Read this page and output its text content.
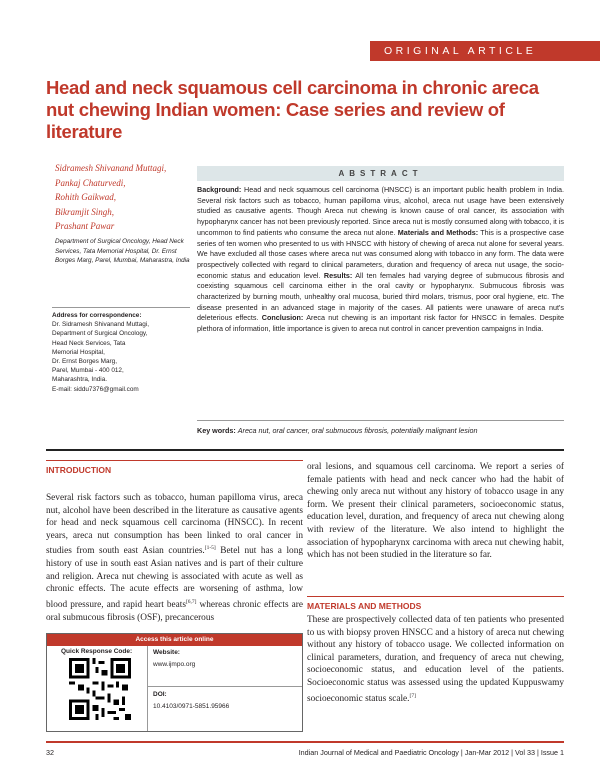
ORIGINAL ARTICLE
Head and neck squamous cell carcinoma in chronic areca nut chewing Indian women: Case series and review of literature
Sidramesh Shivanand Muttagi,
Pankaj Chaturvedi,
Rohith Gaikwad,
Bikramjit Singh,
Prashant Pawar
Department of Surgical Oncology, Head Neck Services, Tata Memorial Hospital, Dr. Ernst Borges Marg, Parel, Mumbai, Maharastra, India
Address for correspondence:
Dr. Sidramesh Shivanand Muttagi,
Department of Surgical Oncology,
Head Neck Services, Tata
Memorial Hospital,
Dr. Ernst Borges Marg,
Parel, Mumbai - 400 012,
Maharashtra, India.
E-mail: siddu7376@gmail.com
ABSTRACT
Background: Head and neck squamous cell carcinoma (HNSCC) is an important public health problem in India. Several risk factors such as tobacco, human papilloma virus, alcohol, areca nut usage have been extensively studied as causative agents. Though Areca nut chewing is known cause of oral cancer, its association with hypopharynx cancer has not been previously reported. Since areca nut is mostly consumed along with tobacco, it is uncommon to find patients who consume the areca nut alone. Materials and Methods: This is a prospective case series of ten women who presented to us with HNSCC with history of chewing of areca nut alone for several years. We have excluded all those cases where areca nut was consumed along with tobacco in any form. The data were prospectively collected with regard to clinical parameters, duration and frequency of areca nut usage, the socio-economic status and education level. Results: All ten females had varying degree of submucous fibrosis and coexisting squamous cell carcinoma either in the oral cavity or hypopharynx. Submucous fibrosis was characterized by burning mouth, unhealthy oral mucosa, buried third molars, trismus, poor oral hygiene, etc. The disease presented in an advanced stage in majority of the cases. All patients were unaware of areca nut's deleterious effects. Conclusion: Areca nut chewing is an important risk factor for HNSCC in females. Despite plethora of information, little importance is given to areca nut control in cancer prevention campaigns in India.
Key words: Areca nut, oral cancer, oral submucous fibrosis, potentially malignant lesion
INTRODUCTION

Several risk factors such as tobacco, human papilloma virus, areca nut, alcohol have been described in the literature as causative agents for head and neck squamous cell carcinoma (HNSCC). In recent years, areca nut consumption has been linked to oral cancer in studies from south east Asian countries.[1-5] Betel nut has a long history of use in south east Asian natives and is part of their culture and religion. Areca nut chewing is associated with acute as well as chronic effects. The acute effects are worsening of asthma, low blood pressure, and rapid heart beats[6,7] whereas chronic effects are oral submucous fibrosis (OSF), precancerous

oral lesions, and squamous cell carcinoma. We report a series of female patients with head and neck cancer who had the habit of chewing only areca nut without any history of tobacco usage in any form. We present their clinical parameters, socioeconomic status, education level, duration, and frequency of areca nut chewing along with review of the literature. We also intend to highlight the association of hypopharynx carcinoma with areca nut chewing habit, which has not been studied in the literature so far.

MATERIALS AND METHODS

These are prospectively collected data of ten patients who presented to us with biopsy proven HNSCC and a history of areca nut chewing without any history of tobacco usage. We collected information on clinical parameters, duration, and frequency of areca nut chewing, socioeconomic status, and education level of the patients. Socioeconomic status was assessed using the updated Kuppuswamy socioeconomic status scale.[7]

Access this article online
Quick Response Code:	Website:
www.ijmpo.org
DOI:
10.4103/0971-5851.95966
32	Indian Journal of Medical and Paediatric Oncology | Jan-Mar 2012 | Vol 33 | Issue 1
